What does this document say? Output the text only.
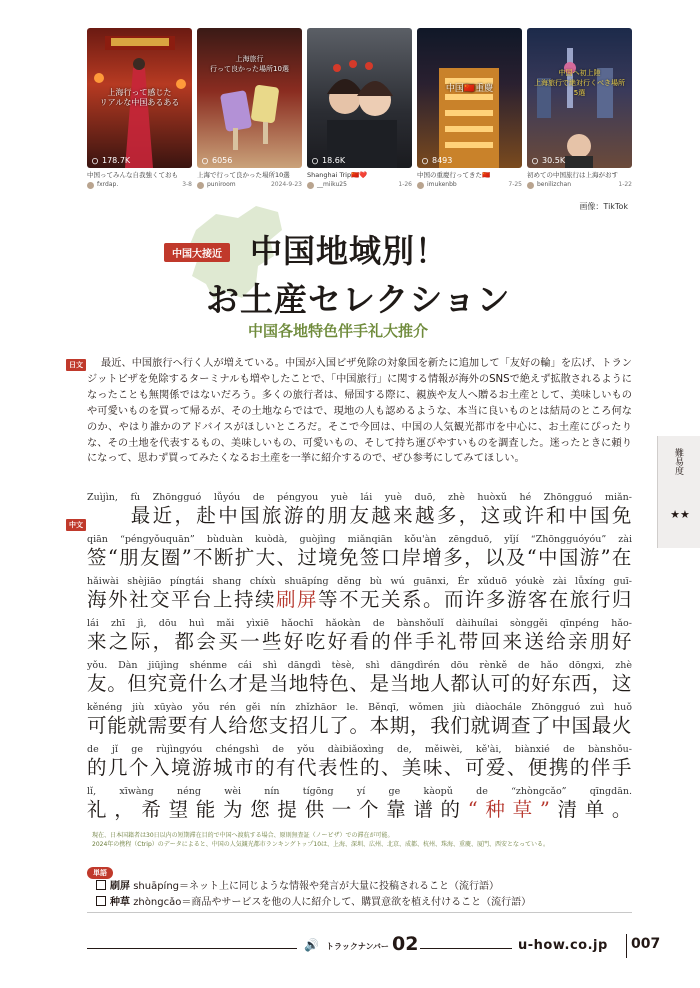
上海行って感じた
リアルな中国あるある
178.7K
中国ってみんな自我強くておも
fxrdap.	3-8
上海旅行
行って良かった場所10選
6056
上海で行って良かった場所10選
puniroom	2024-9-23
18.6K
Shanghai Trip🇨🇳❤️
__miiku25	1-26
中国🇨🇳重慶
8493
中国の重慶行ってきた🇨🇳
imukenbb	7-25
中国へ初上陸
上海旅行で絶対行くべき場所
5選
30.5K
初めての中国旅行は上海がおす
benilizchan	1-22
画像：TikTok
中国大接近 中国地域別！
お土産セレクション
中国各地特色伴手礼大推介
日文	最近、中国旅行へ行く人が増えている。中国が入国ビザ免除の対象国を新たに追加して「友好の輪」を広げ、トランジットビザを免除するターミナルも増やしたことで、「中国旅行」に関する情報が海外のSNSで絶えず拡散されるようになったことも無関係ではないだろう。多くの旅行者は、帰国する際に、親族や友人へ贈るお土産として、美味しいものや可愛いものを買って帰るが、その土地ならではで、現地の人も認めるような、本当に良いものとは結局のところ何なのか、やはり誰かのアドバイスがほしいところだ。そこで今回は、中国の人気観光都市を中心に、お土産にぴったりな、その土地を代表するもの、美味しいもの、可愛いもの、そして持ち運びやすいものを調査した。迷ったときに頼りになって、思わず買ってみたくなるお土産を一挙に紹介するので、ぜひ参考にしてみてほしい。	難易度
★★
中文
Zuìjìn, fù Zhōngguó lǚyóu de péngyou yuè lái yuè duō, zhè huòxǔ hé Zhōngguó miǎn-
　　最近，赴中国旅游的朋友越来越多，这或许和中国免
qiān “péngyǒuquān” bùduàn kuòdà, guòjìng miǎnqiān kǒu'àn zēngduō, yǐjí “Zhōngguóyóu” zài
签“朋友圈”不断扩大、过境免签口岸增多，以及“中国游”在
hǎiwài shèjiāo píngtái shang chíxù shuāpíng děng bù wú guānxi, Ér xǔduō yóukè zài lǚxíng guī-
海外社交平台上持续刷屏等不无关系。而许多游客在旅行归
lái zhī jì, dōu huì mǎi yìxiē hǎochī hǎokàn de bànshǒulǐ dàihuílai sònggěi qīnpéng hǎo-
来之际，都会买一些好吃好看的伴手礼带回来送给亲朋好
yǒu. Dàn jiūjìng shénme cái shì dāngdì tèsè, shì dāngdìrén dōu rènkě de hǎo dōngxi, zhè
友。但究竟什么才是当地特色、是当地人都认可的好东西，这
kěnéng jiù xūyào yǒu rén gěi nín zhǐzhāor le. Běnqī, wǒmen jiù diàochále Zhōngguó zuì huǒ
可能就需要有人给您支招儿了。本期，我们就调查了中国最火
de jǐ ge rùjìngyóu chéngshì de yǒu dàibiǎoxìng de, měiwèi, kě'ài, biànxié de bànshǒu-
的几个入境游城市的有代表性的、美味、可爱、便携的伴手
lǐ, xīwàng néng wèi nín tígōng yí ge kàopǔ de “zhòngcǎo” qīngdān.
礼，希望能为您提供一个靠谱的“种草”清单。
現在、日本国籍者は30日以内の短期滞在目的で中国へ渡航する場合、原則無査証（ノービザ）での滞在が可能。
2024年の携程（Ctrip）のデータによると、中国の人気観光都市ランキングトップ10は、上海、深圳、広州、北京、成都、杭州、珠海、重慶、厦門、西安となっている。
単語
刷屏 shuāpíng＝ネット上に同じような情報や発言が大量に投稿されること（流行語）
种草 zhòngcǎo＝商品やサービスを他の人に紹介して、購買意欲を植え付けること（流行語）
🔊 トラックナンバー 02	u-how.co.jp 007
